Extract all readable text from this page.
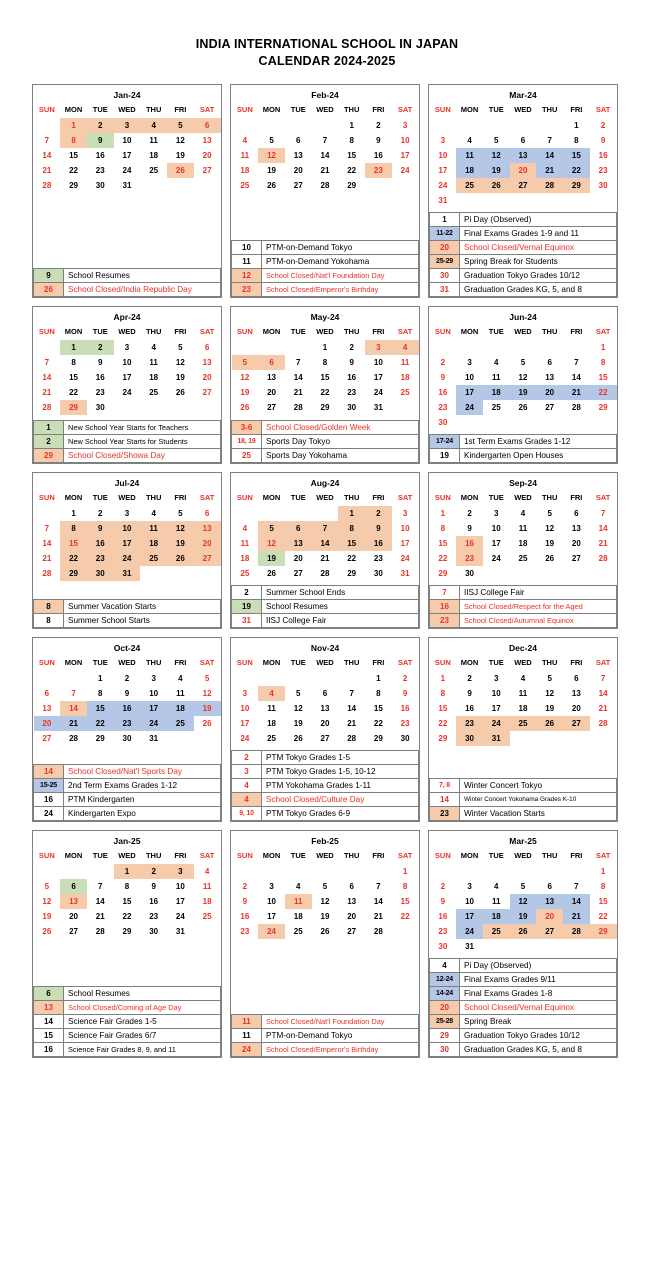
INDIA INTERNATIONAL SCHOOL IN JAPAN
CALENDAR 2024-2025
Jan-24
SUN	MON	TUE	WED	THU	FRI	SAT
	1	2	3	4	5	6
7	8	9	10	11	12	13
14	15	16	17	18	19	20
21	22	23	24	25	26	27
28	29	30	31			

9	School Resumes
26	School Closed/India Republic Day
Feb-24
SUN	MON	TUE	WED	THU	FRI	SAT
				1	2	3
4	5	6	7	8	9	10
11	12	13	14	15	16	17
18	19	20	21	22	23	24
25	26	27	28	29		

10	PTM-on-Demand Tokyo
11	PTM-on-Demand Yokohama
12	School Closed/Nat'l Foundation Day
23	School Closed/Emperor's Birthday
Mar-24
SUN	MON	TUE	WED	THU	FRI	SAT
					1	2
3	4	5	6	7	8	9
10	11	12	13	14	15	16
17	18	19	20	21	22	23
24	25	26	27	28	29	30
31						
1	Pi Day (Observed)
11-22	Final Exams Grades 1-9 and 11
20	School Closed/Vernal Equinox
25-29	Spring Break for Students
30	Graduation Tokyo Grades 10/12
31	Graduation Grades KG, 5, and 8
Apr-24
SUN	MON	TUE	WED	THU	FRI	SAT
	1	2	3	4	5	6
7	8	9	10	11	12	13
14	15	16	17	18	19	20
21	22	23	24	25	26	27
28	29	30				
1	New School Year Starts for Teachers
2	New School Year Starts for Students
29	School Closed/Showa Day
May-24
SUN	MON	TUE	WED	THU	FRI	SAT
			1	2	3	4
5	6	7	8	9	10	11
12	13	14	15	16	17	18
19	20	21	22	23	24	25
26	27	28	29	30	31	
3-6	School Closed/Golden Week
18, 19	Sports Day Tokyo
25	Sports Day Yokohama
Jun-24
SUN	MON	TUE	WED	THU	FRI	SAT
						1
2	3	4	5	6	7	8
9	10	11	12	13	14	15
16	17	18	19	20	21	22
23	24	25	26	27	28	29
30						
17-24	1st Term Exams Grades 1-12
19	Kindergarten Open Houses
Jul-24
SUN	MON	TUE	WED	THU	FRI	SAT
	1	2	3	4	5	6
7	8	9	10	11	12	13
14	15	16	17	18	19	20
21	22	23	24	25	26	27
28	29	30	31			
8	Summer Vacation Starts
8	Summer School Starts
Aug-24
SUN	MON	TUE	WED	THU	FRI	SAT
				1	2	3
4	5	6	7	8	9	10
11	12	13	14	15	16	17
18	19	20	21	22	23	24
25	26	27	28	29	30	31
2	Summer School Ends
19	School Resumes
31	IISJ College Fair
Sep-24
SUN	MON	TUE	WED	THU	FRI	SAT
1	2	3	4	5	6	7
8	9	10	11	12	13	14
15	16	17	18	19	20	21
22	23	24	25	26	27	28
29	30					
7	IISJ College Fair
16	School Closed/Respect for the Aged
23	School Closed/Autumnal Equinox
Oct-24
SUN	MON	TUE	WED	THU	FRI	SAT
		1	2	3	4	5
6	7	8	9	10	11	12
13	14	15	16	17	18	19
20	21	22	23	24	25	26
27	28	29	30	31		
14	School Closed/Nat'l Sports Day
15-25	2nd Term Exams Grades 1-12
16	PTM Kindergarten
24	Kindergarten Expo
Nov-24
SUN	MON	TUE	WED	THU	FRI	SAT
					1	2
3	4	5	6	7	8	9
10	11	12	13	14	15	16
17	18	19	20	21	22	23
24	25	26	27	28	29	30
2	PTM Tokyo Grades 1-5
3	PTM Tokyo Grades 1-5, 10-12
4	PTM Yokohama Grades 1-11
4	School Closed/Culture Day
9, 10	PTM Tokyo Grades 6-9
Dec-24
SUN	MON	TUE	WED	THU	FRI	SAT
1	2	3	4	5	6	7
8	9	10	11	12	13	14
15	16	17	18	19	20	21
22	23	24	25	26	27	28
29	30	31				
7, 8	Winter Concert Tokyo
14	Winter Concert Yokohama Grades K-10
23	Winter Vacation Starts
Jan-25
SUN	MON	TUE	WED	THU	FRI	SAT
			1	2	3	4
5	6	7	8	9	10	11
12	13	14	15	16	17	18
19	20	21	22	23	24	25
26	27	28	29	30	31	

6	School Resumes
13	School Closed/Coming of Age Day
14	Science Fair Grades 1-5
15	Science Fair Grades 6/7
16	Science Fair Grades 8, 9, and 11
Feb-25
SUN	MON	TUE	WED	THU	FRI	SAT
						1
2	3	4	5	6	7	8
9	10	11	12	13	14	15
16	17	18	19	20	21	22
23	24	25	26	27	28	

11	School Closed/Nat'l Foundation Day
11	PTM-on-Demand Tokyo
24	School Closed/Emperor's Birthday
Mar-25
SUN	MON	TUE	WED	THU	FRI	SAT
						1
2	3	4	5	6	7	8
9	10	11	12	13	14	15
16	17	18	19	20	21	22
23	24	25	26	27	28	29
30	31					
4	Pi Day (Observed)
12-24	Final Exams Grades 9/11
14-24	Final Exams Grades 1-8
20	School Closed/Vernal Equinox
25-28	Spring Break
29	Graduation Tokyo Grades 10/12
30	Graduation Grades KG, 5, and 8
